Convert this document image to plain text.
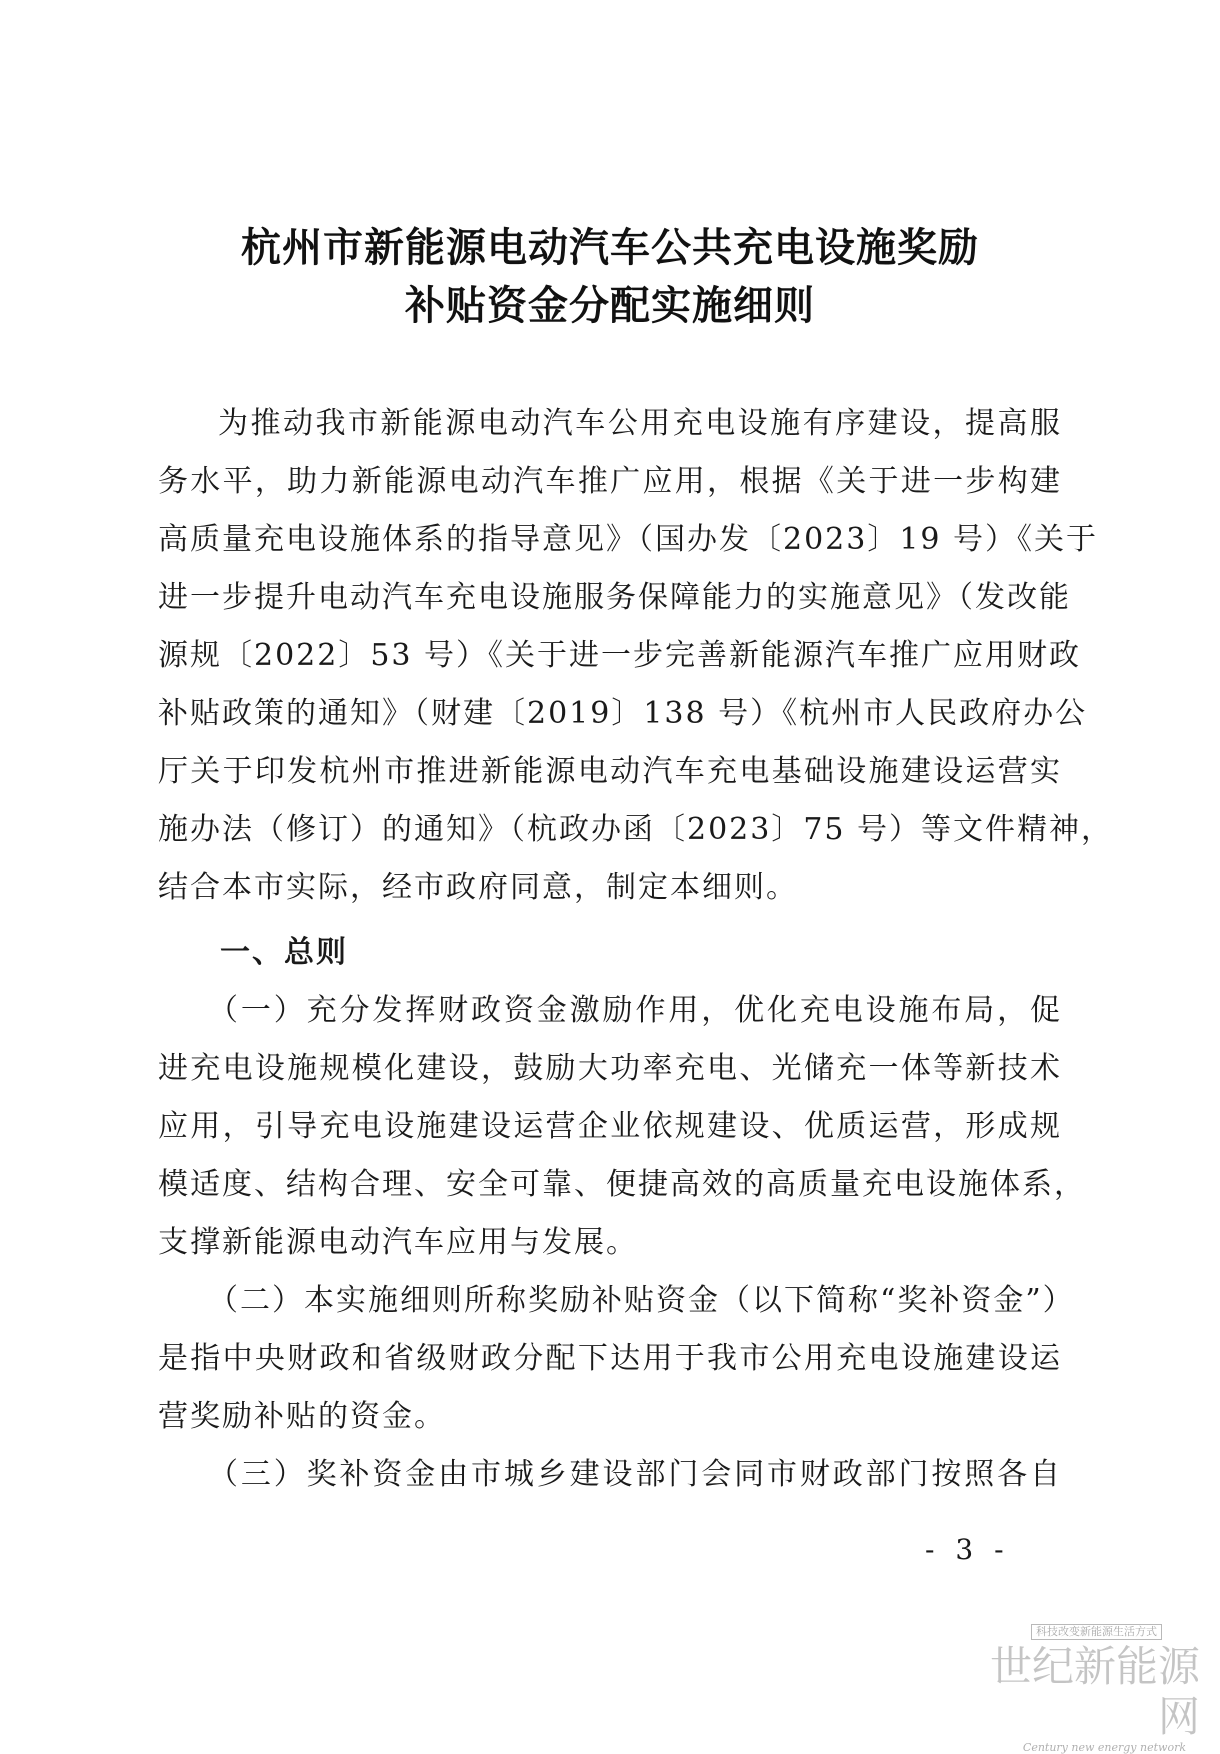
杭州市新能源电动汽车公共充电设施奖励
补贴资金分配实施细则
为推动我市新能源电动汽车公用充电设施有序建设，提高服
务水平，助力新能源电动汽车推广应用，根据《关于进一步构建
高质量充电设施体系的指导意见》（国办发〔2023〕19 号）《关于
进一步提升电动汽车充电设施服务保障能力的实施意见》（发改能
源规〔2022〕53 号）《关于进一步完善新能源汽车推广应用财政
补贴政策的通知》（财建〔2019〕138 号）《杭州市人民政府办公
厅关于印发杭州市推进新能源电动汽车充电基础设施建设运营实
施办法（修订）的通知》（杭政办函〔2023〕75 号）等文件精神，
结合本市实际，经市政府同意，制定本细则。
一、总则
（一）充分发挥财政资金激励作用，优化充电设施布局，促
进充电设施规模化建设，鼓励大功率充电、光储充一体等新技术
应用，引导充电设施建设运营企业依规建设、优质运营，形成规
模适度、结构合理、安全可靠、便捷高效的高质量充电设施体系，
支撑新能源电动汽车应用与发展。
（二）本实施细则所称奖励补贴资金（以下简称“奖补资金”）
是指中央财政和省级财政分配下达用于我市公用充电设施建设运
营奖励补贴的资金。
（三）奖补资金由市城乡建设部门会同市财政部门按照各自
- 3 -
科技改变新能源生活方式
世纪新能源网
Century new energy network
